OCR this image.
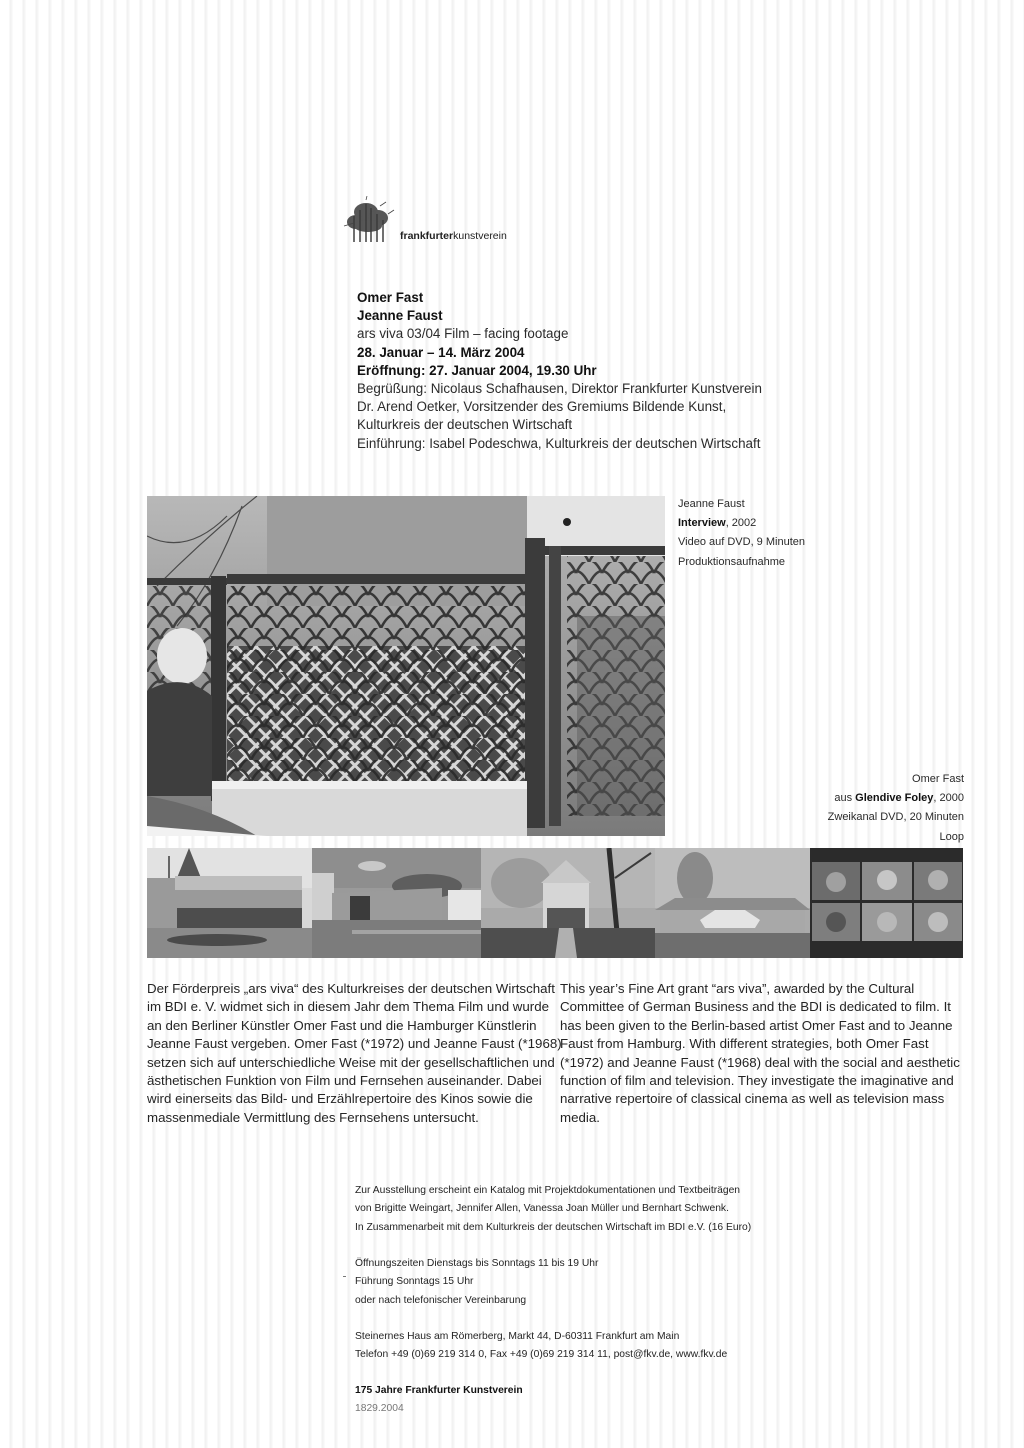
frankfurterkunstverein
Omer Fast
Jeanne Faust
ars viva 03/04 Film – facing footage
28. Januar – 14. März 2004
Eröffnung: 27. Januar 2004, 19.30 Uhr
Begrüßung: Nicolaus Schafhausen, Direktor Frankfurter Kunstverein
Dr. Arend Oetker, Vorsitzender des Gremiums Bildende Kunst,
Kulturkreis der deutschen Wirtschaft
Einführung: Isabel Podeschwa, Kulturkreis der deutschen Wirtschaft
Jeanne Faust
Interview, 2002
Video auf DVD, 9 Minuten
Produktionsaufnahme
Omer Fast
aus Glendive Foley, 2000
Zweikanal DVD, 20 Minuten
Loop
Der Förderpreis „ars viva“ des Kulturkreises der deutschen Wirtschaft im BDI e. V. widmet sich in diesem Jahr dem Thema Film und wurde an den Berliner Künstler Omer Fast und die Hamburger Künstlerin Jeanne Faust vergeben. Omer Fast (*1972) und Jeanne Faust (*1968) setzen sich auf unterschiedliche Weise mit der gesellschaftlichen und ästhetischen Funktion von Film und Fernsehen auseinander. Dabei wird einerseits das Bild- und Erzählrepertoire des Kinos sowie die massenmediale Vermittlung des Fernsehens untersucht.
This year’s Fine Art grant “ars viva”, awarded by the Cultural Committee of German Business and the BDI is dedicated to film. It has been given to the Berlin-based artist Omer Fast and to Jeanne Faust from Hamburg. With different strategies, both Omer Fast (*1972) and Jeanne Faust (*1968) deal with the social and aesthetic function of film and television. They investigate the imaginative and narrative repertoire of classical cinema as well as television mass media.
Zur Ausstellung erscheint ein Katalog mit Projektdokumentationen und Textbeiträgen
von Brigitte Weingart, Jennifer Allen, Vanessa Joan Müller und Bernhart Schwenk.
In Zusammenarbeit mit dem Kulturkreis der deutschen Wirtschaft im BDI e.V. (16 Euro)
Öffnungszeiten Dienstags bis Sonntags 11 bis 19 Uhr
Führung Sonntags 15 Uhr
oder nach telefonischer Vereinbarung
Steinernes Haus am Römerberg, Markt 44, D-60311 Frankfurt am Main
Telefon +49 (0)69 219 314 0, Fax +49 (0)69 219 314 11, post@fkv.de, www.fkv.de
175 Jahre Frankfurter Kunstverein
1829.2004
